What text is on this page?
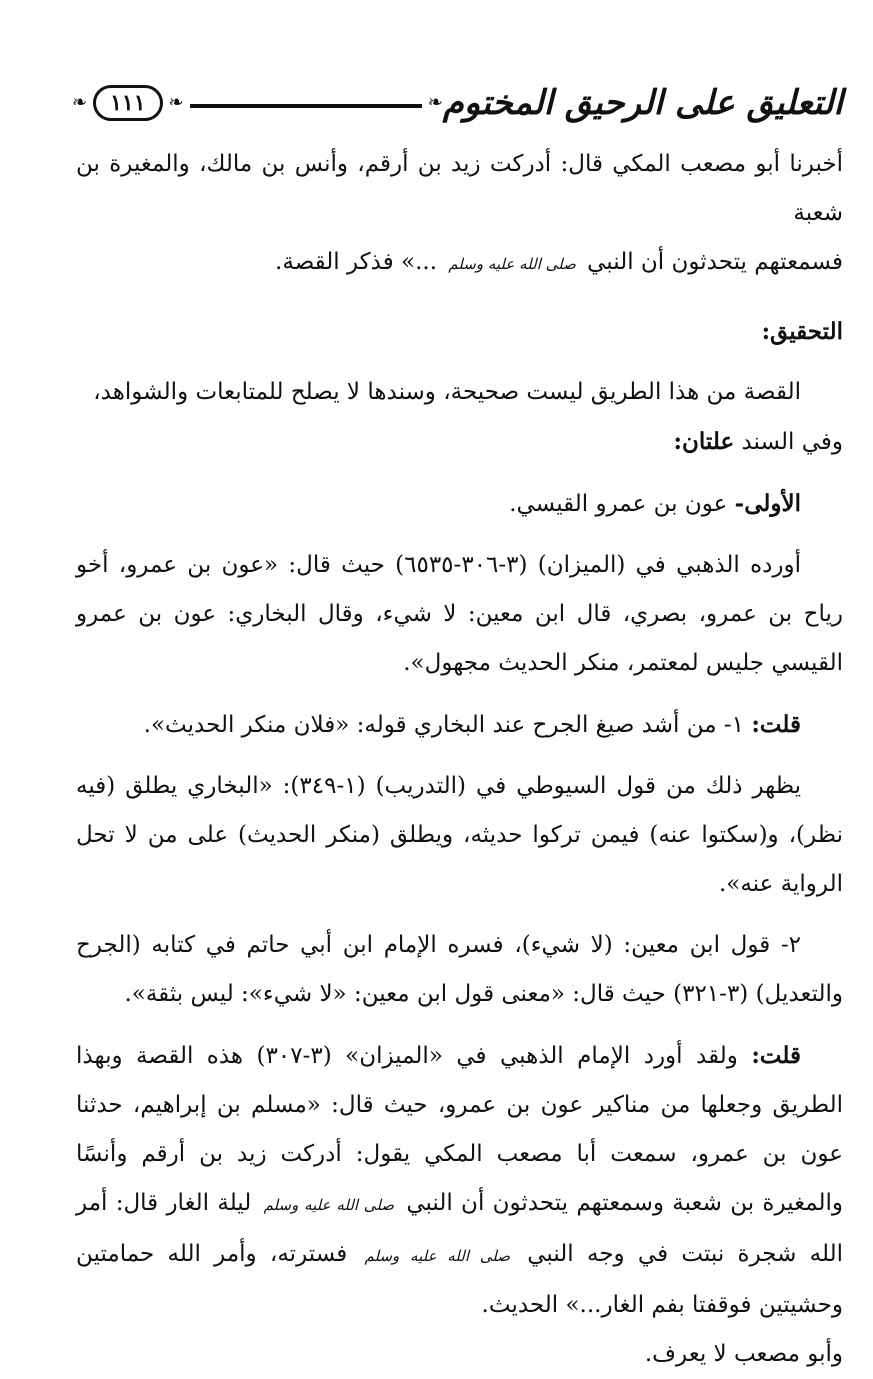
التعليق على الرحيق المختوم
❧
❧
١١١
❧

أخبرنا أبو مصعب المكي قال: أدركت زيد بن أرقم، وأنس بن مالك، والمغيرة بن شعبة

فسمعتهم يتحدثون أن النبي صلى الله عليه وسلم ...» فذكر القصة.

التحقيق:

القصة من هذا الطريق ليست صحيحة، وسندها لا يصلح للمتابعات والشواهد،

وفي السند علتان:

الأولى- عون بن عمرو القيسي.

أورده الذهبي في (الميزان) (٣-٣٠٦-٦٥٣٥) حيث قال: «عون بن عمرو، أخو رياح بن عمرو، بصري، قال ابن معين: لا شيء، وقال البخاري: عون بن عمرو القيسي جليس لمعتمر، منكر الحديث مجهول».

قلت: ١- من أشد صيغ الجرح عند البخاري قوله: «فلان منكر الحديث».

يظهر ذلك من قول السيوطي في (التدريب) (١-٣٤٩): «البخاري يطلق (فيه نظر)، و(سكتوا عنه) فيمن تركوا حديثه، ويطلق (منكر الحديث) على من لا تحل الرواية عنه».

٢- قول ابن معين: (لا شيء)، فسره الإمام ابن أبي حاتم في كتابه (الجرح والتعديل) (٣-٣٢١) حيث قال: «معنى قول ابن معين: «لا شيء»: ليس بثقة».

قلت: ولقد أورد الإمام الذهبي في «الميزان» (٣-٣٠٧) هذه القصة وبهذا الطريق وجعلها من مناكير عون بن عمرو، حيث قال: «مسلم بن إبراهيم، حدثنا عون بن عمرو، سمعت أبا مصعب المكي يقول: أدركت زيد بن أرقم وأنسًا والمغيرة بن شعبة وسمعتهم يتحدثون أن النبي صلى الله عليه وسلم ليلة الغار قال: أمر الله شجرة نبتت في وجه النبي صلى الله عليه وسلم فسترته، وأمر الله حمامتين وحشيتين فوقفتا بفم الغار...» الحديث.

وأبو مصعب لا يعرف.
